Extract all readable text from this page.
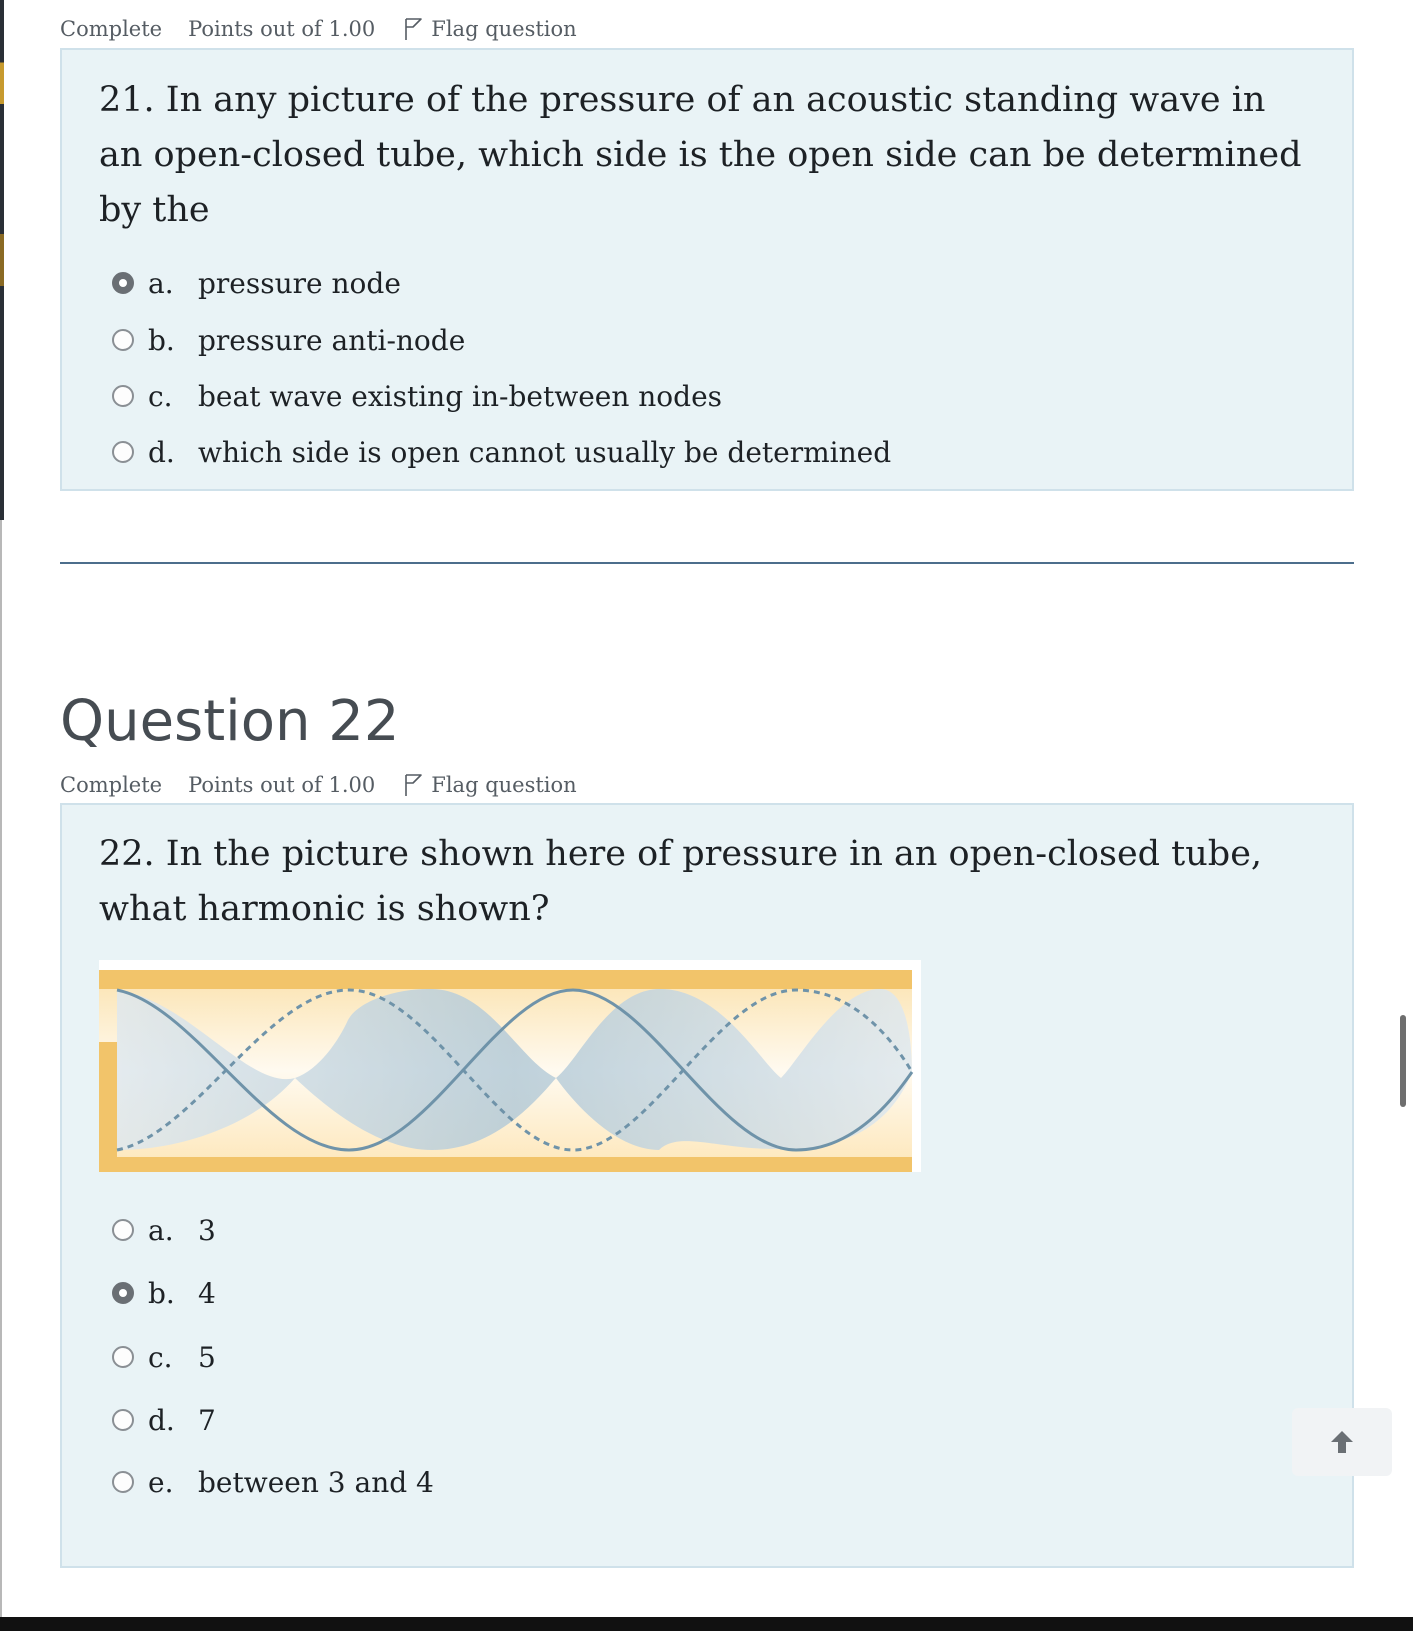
Complete Points out of 1.00	Flag question
21. In any picture of the pressure of an acoustic standing wave in an open-closed tube, which side is the open side can be determined by the
a. pressure node
b. pressure anti-node
c. beat wave existing in-between nodes
d. which side is open cannot usually be determined
Question 22
Complete Points out of 1.00	Flag question
22. In the picture shown here of pressure in an open-closed tube, what harmonic is shown?
a. 3
b. 4
c. 5
d. 7
e. between 3 and 4
